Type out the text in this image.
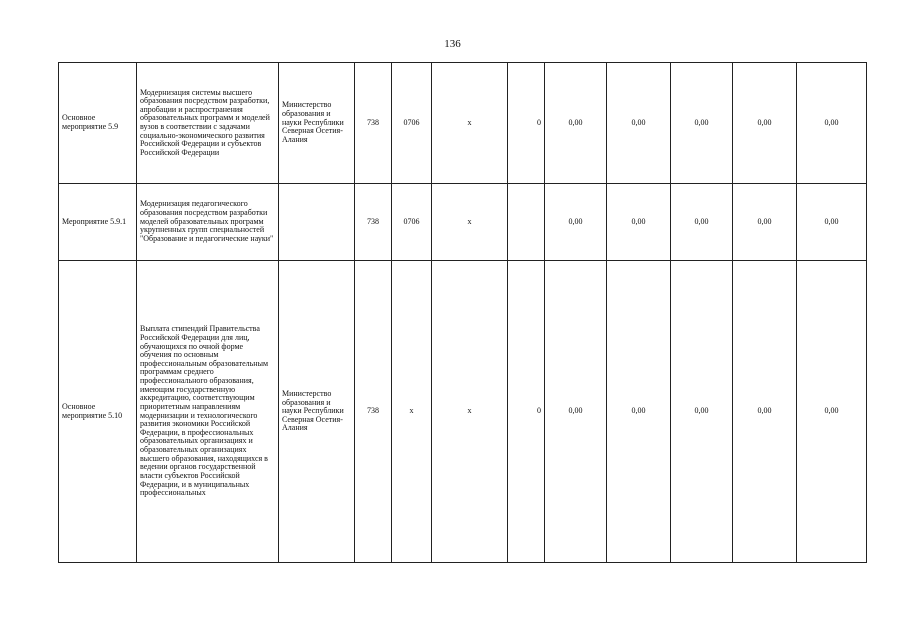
136
Основное мероприятие 5.9	Модернизация системы высшего образования посредством разработки, апробации и распространения образовательных программ и моделей вузов в соответствии с задачами социально-экономического развития Российской Федерации и субъектов Российской Федерации	Министерство образования и науки Республики Северная Осетия-Алания	738	0706	x	0	0,00	0,00	0,00	0,00	0,00
Мероприятие 5.9.1	Модернизация педагогического образования посредством разработки моделей образовательных программ укрупненных групп специальностей "Образование и педагогические науки"		738	0706	x		0,00	0,00	0,00	0,00	0,00
Основное мероприятие 5.10	Выплата стипендий Правительства Российской Федерации для лиц, обучающихся по очной форме обучения по основным профессиональным образовательным программам среднего профессионального образования, имеющим государственную аккредитацию, соответствующим приоритетным направлениям модернизации и технологического развития экономики Российской Федерации, в профессиональных образовательных организациях и образовательных организациях высшего образования, находящихся в ведении органов государственной власти субъектов Российской Федерации, и в муниципальных профессиональных	Министерство образования и науки Республики Северная Осетия-Алания	738	x	x	0	0,00	0,00	0,00	0,00	0,00
